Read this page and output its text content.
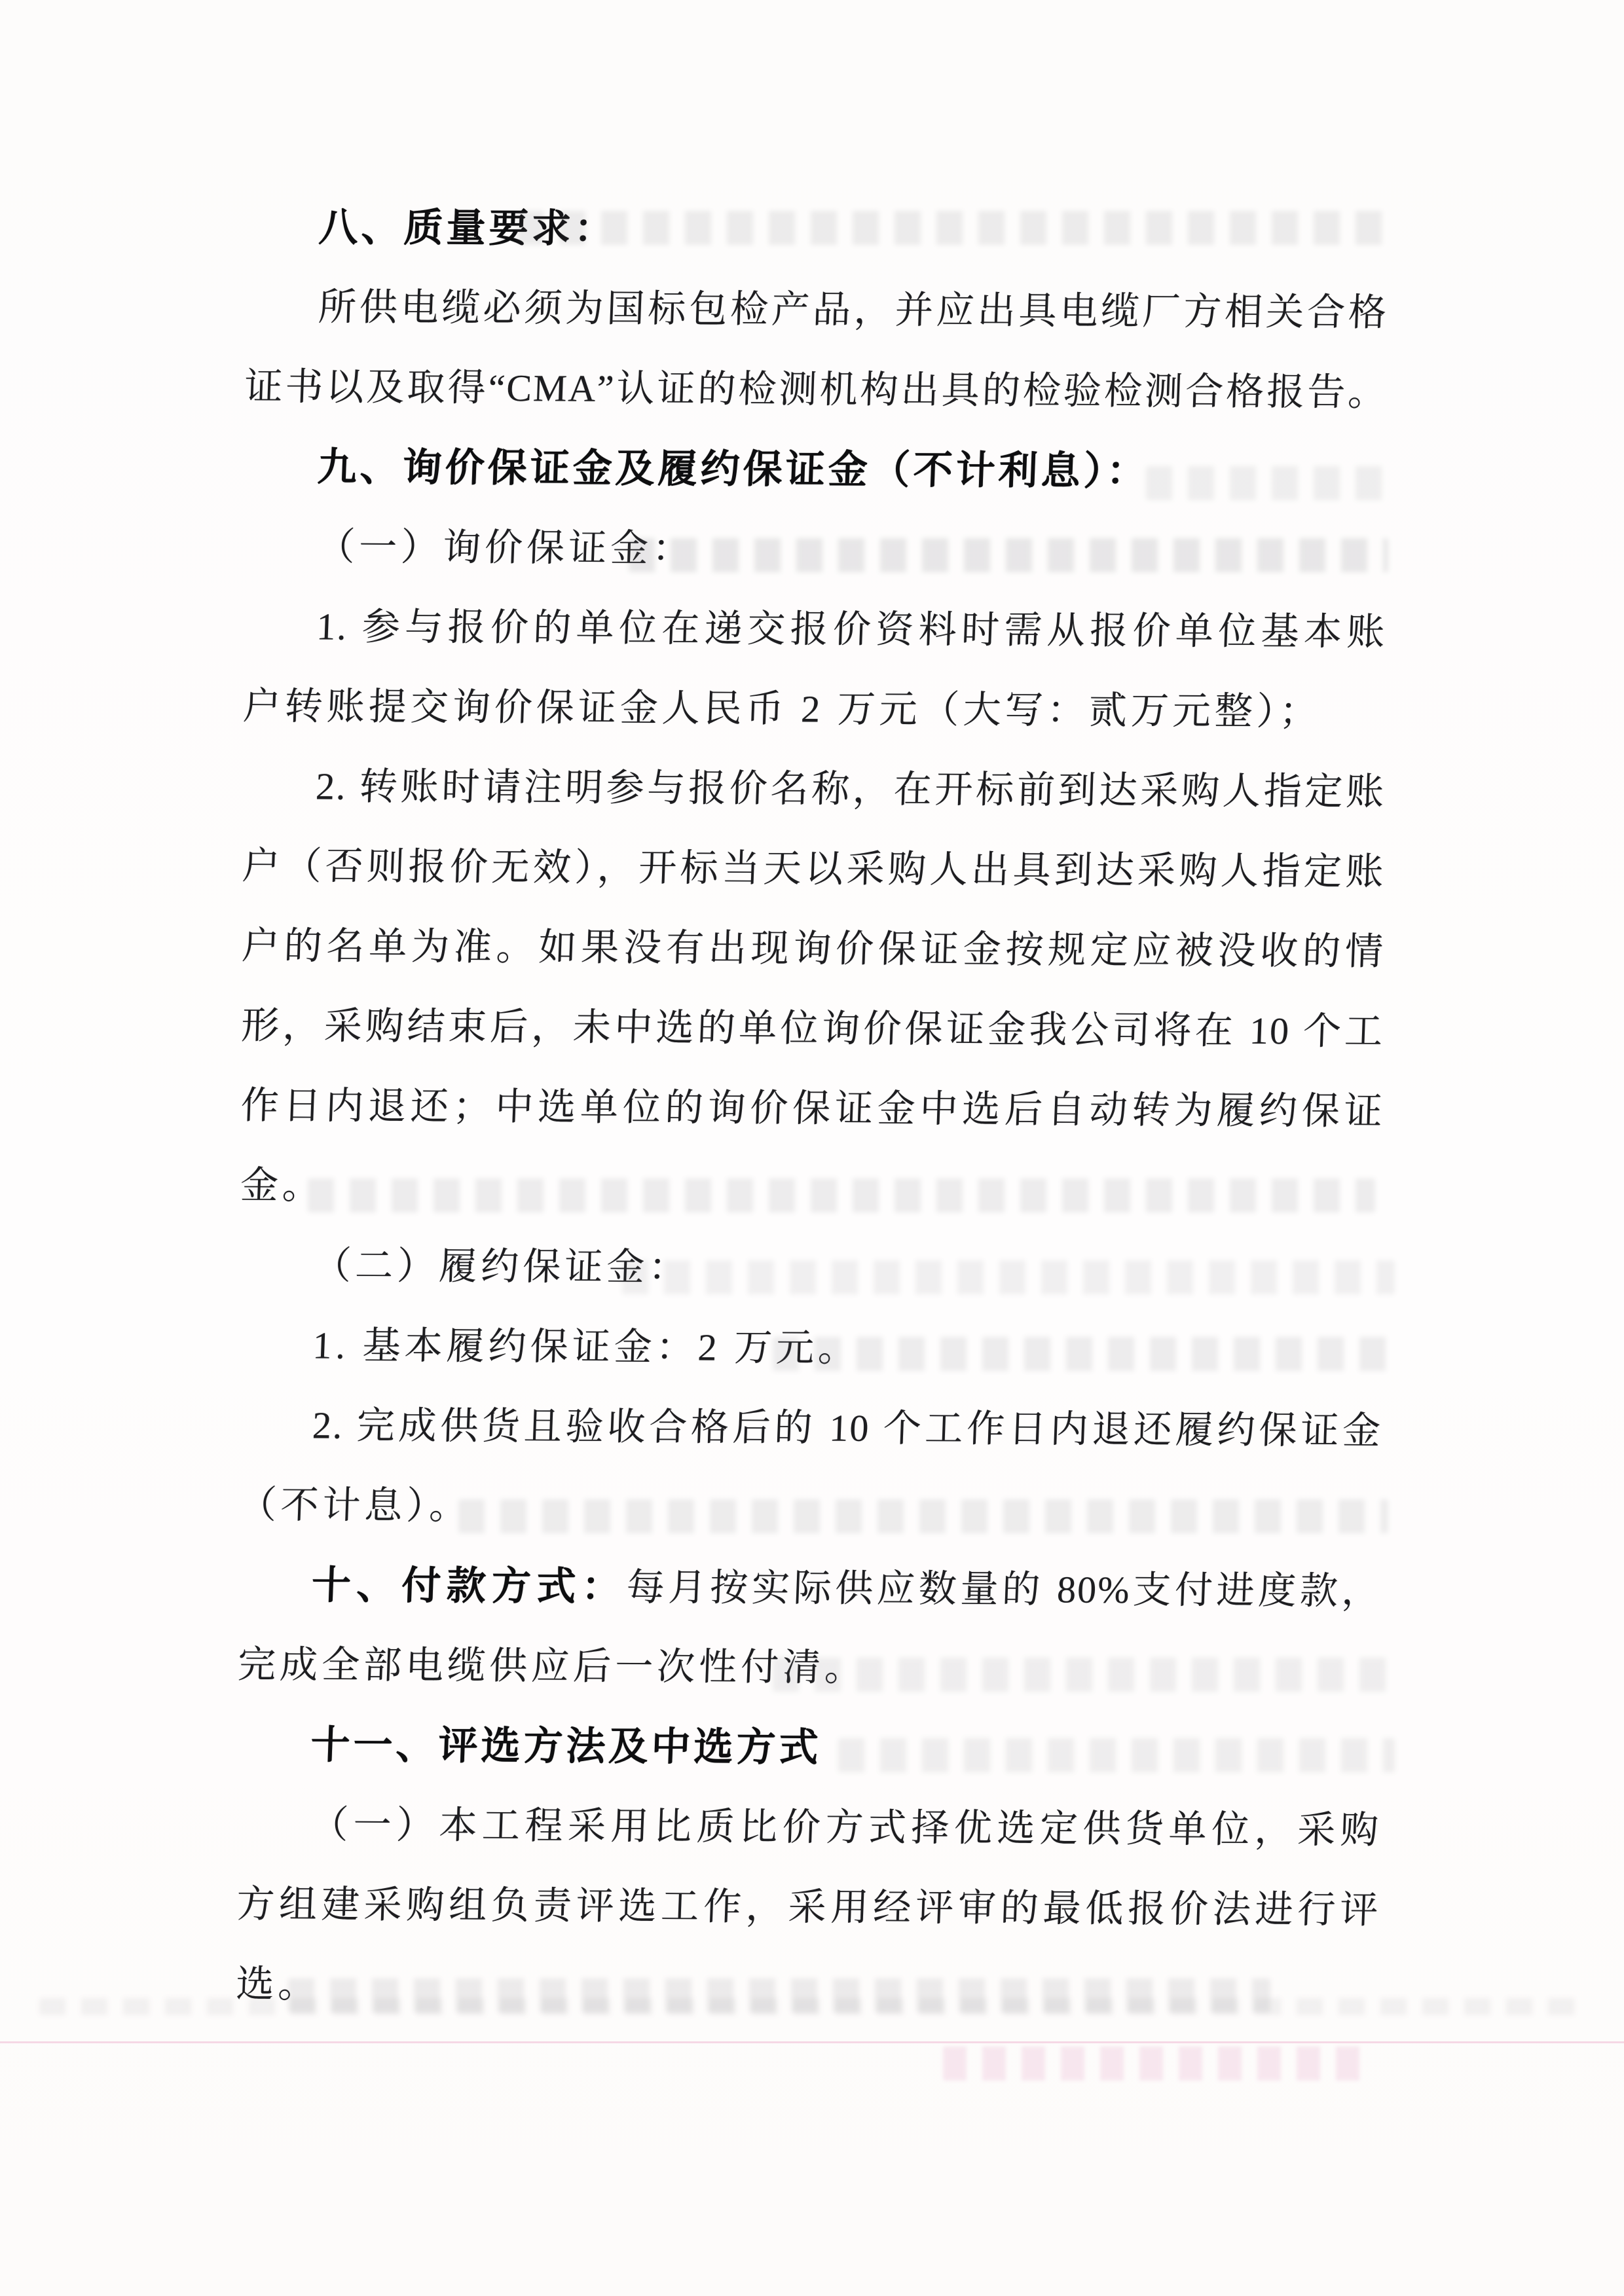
八、质量要求：
所供电缆必须为国标包检产品，并应出具电缆厂方相关合格
证书以及取得“CMA”认证的检测机构出具的检验检测合格报告。
九、询价保证金及履约保证金（不计利息）：
（一）询价保证金：
1. 参与报价的单位在递交报价资料时需从报价单位基本账
户转账提交询价保证金人民币 2 万元（大写：贰万元整）；
2. 转账时请注明参与报价名称，在开标前到达采购人指定账
户（否则报价无效），开标当天以采购人出具到达采购人指定账
户的名单为准。如果没有出现询价保证金按规定应被没收的情
形，采购结束后，未中选的单位询价保证金我公司将在 10 个工
作日内退还；中选单位的询价保证金中选后自动转为履约保证
金。
（二）履约保证金：
1. 基本履约保证金：2 万元。
2. 完成供货且验收合格后的 10 个工作日内退还履约保证金
（不计息）。
十、付款方式：每月按实际供应数量的 80%支付进度款，
完成全部电缆供应后一次性付清。
十一、评选方法及中选方式
（一）本工程采用比质比价方式择优选定供货单位，采购
方组建采购组负责评选工作，采用经评审的最低报价法进行评
选。
